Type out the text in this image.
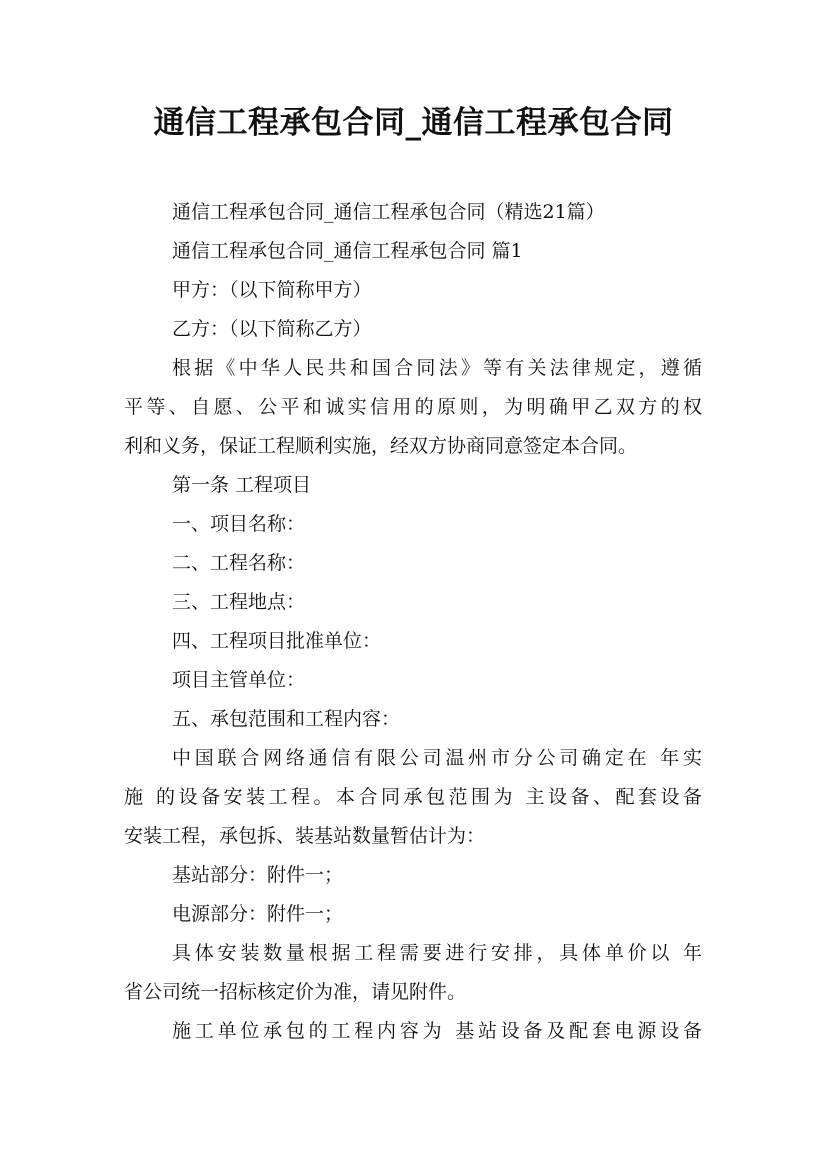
通信工程承包合同_通信工程承包合同
通信工程承包合同_通信工程承包合同（精选21篇）
通信工程承包合同_通信工程承包合同 篇1
甲方：（以下简称甲方）
乙方：（以下简称乙方）
根据《中华人民共和国合同法》等有关法律规定，遵循
平等、自愿、公平和诚实信用的原则，为明确甲乙双方的权
利和义务，保证工程顺利实施，经双方协商同意签定本合同。
第一条 工程项目
一、项目名称：
二、工程名称：
三、工程地点：
四、工程项目批准单位：
项目主管单位：
五、承包范围和工程内容：
中国联合网络通信有限公司温州市分公司确定在 年实
施 的设备安装工程。本合同承包范围为 主设备、配套设备
安装工程，承包拆、装基站数量暂估计为：
基站部分：附件一；
电源部分：附件一；
具体安装数量根据工程需要进行安排，具体单价以 年
省公司统一招标核定价为准，请见附件。
施工单位承包的工程内容为 基站设备及配套电源设备
